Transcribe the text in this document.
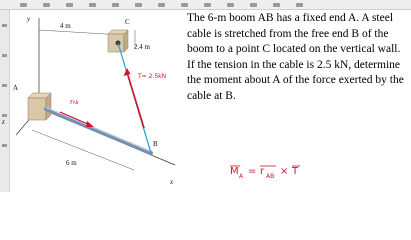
y
x
z
4 m
2.4 m
6 m
A
B
C
T= 2.5kN
rAB

The 6-m boom AB has a fixed end A. A steel cable is stretched from the free end B of the boom to a point C located on the vertical wall. If the tension in the cable is 2.5 kN, determine the moment about A of the force exerted by the cable at B.

M A = r AB × T
